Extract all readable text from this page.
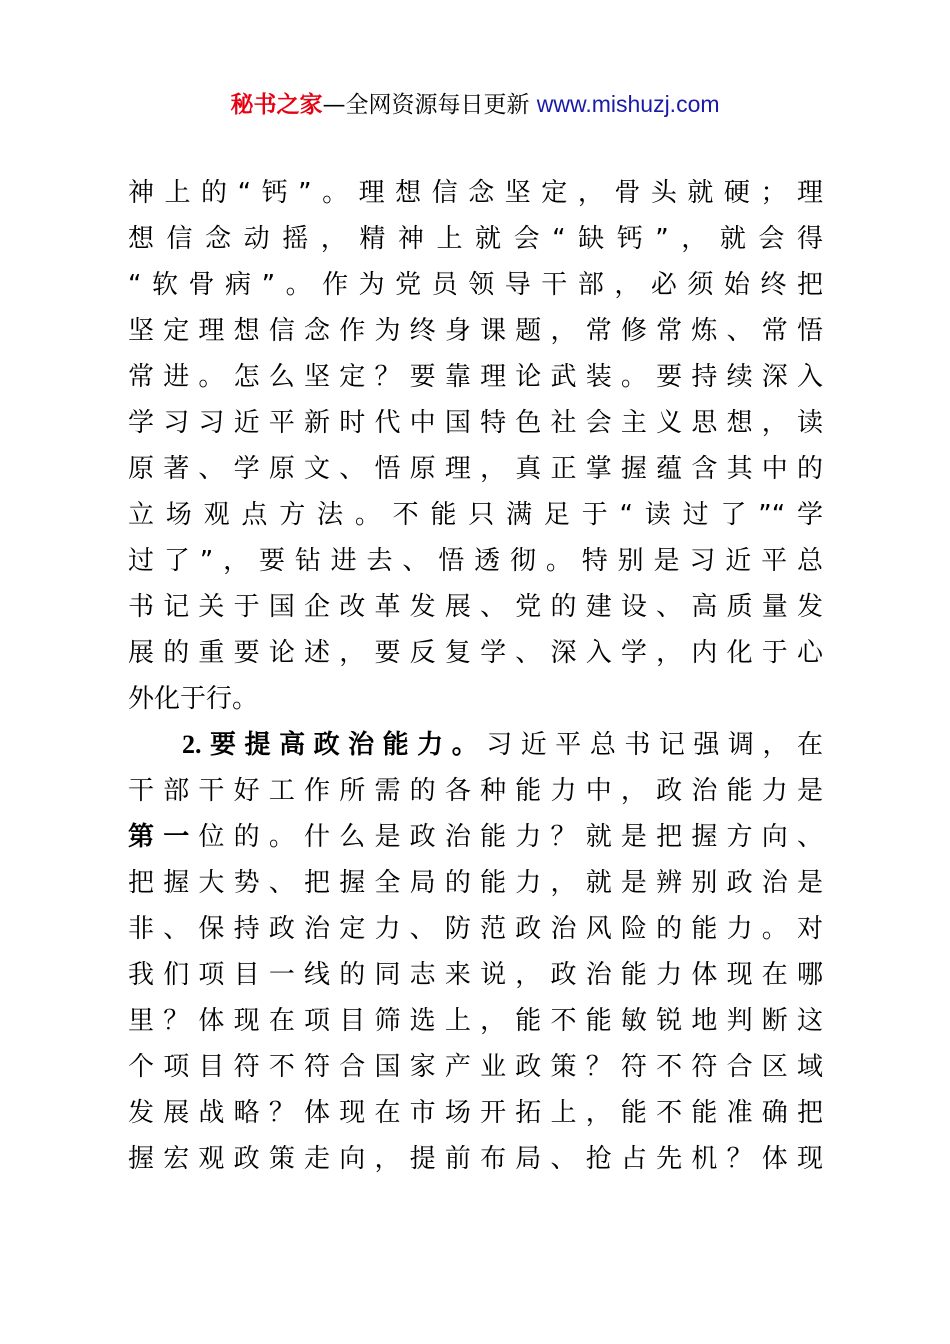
秘书之家—全网资源每日更新 www.mishuzj.com
神上的“钙”。理想信念坚定，骨头就硬；理
想信念动摇，精神上就会“缺钙”，就会得
“软骨病”。作为党员领导干部，必须始终把
坚定理想信念作为终身课题，常修常炼、常悟
常进。怎么坚定？要靠理论武装。要持续深入
学习习近平新时代中国特色社会主义思想，读
原著、学原文、悟原理，真正掌握蕴含其中的
立场观点方法。不能只满足于“读过了”“学
过了”，要钻进去、悟透彻。特别是习近平总
书记关于国企改革发展、党的建设、高质量发
展的重要论述，要反复学、深入学，内化于心
外化于行。
2.要提高政治能力。习近平总书记强调，在
干部干好工作所需的各种能力中，政治能力是
第一位的。什么是政治能力？就是把握方向、
把握大势、把握全局的能力，就是辨别政治是
非、保持政治定力、防范政治风险的能力。对
我们项目一线的同志来说，政治能力体现在哪
里？体现在项目筛选上，能不能敏锐地判断这
个项目符不符合国家产业政策？符不符合区域
发展战略？体现在市场开拓上，能不能准确把
握宏观政策走向，提前布局、抢占先机？体现
